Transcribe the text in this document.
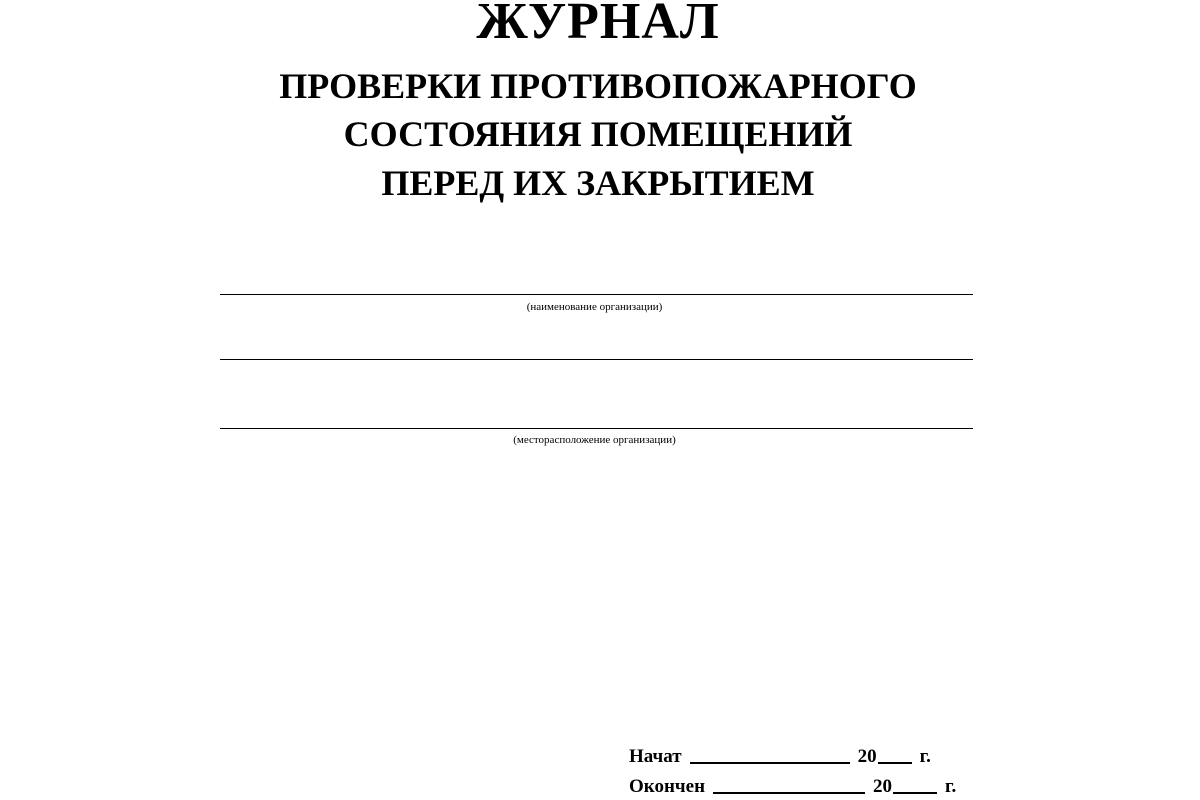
ЖУРНАЛ
ПРОВЕРКИ ПРОТИВОПОЖАРНОГО
СОСТОЯНИЯ ПОМЕЩЕНИЙ
ПЕРЕД ИХ ЗАКРЫТИЕМ
(наименование организации)
(месторасположение организации)
Начат	20 г.
Окончен	20	г.
